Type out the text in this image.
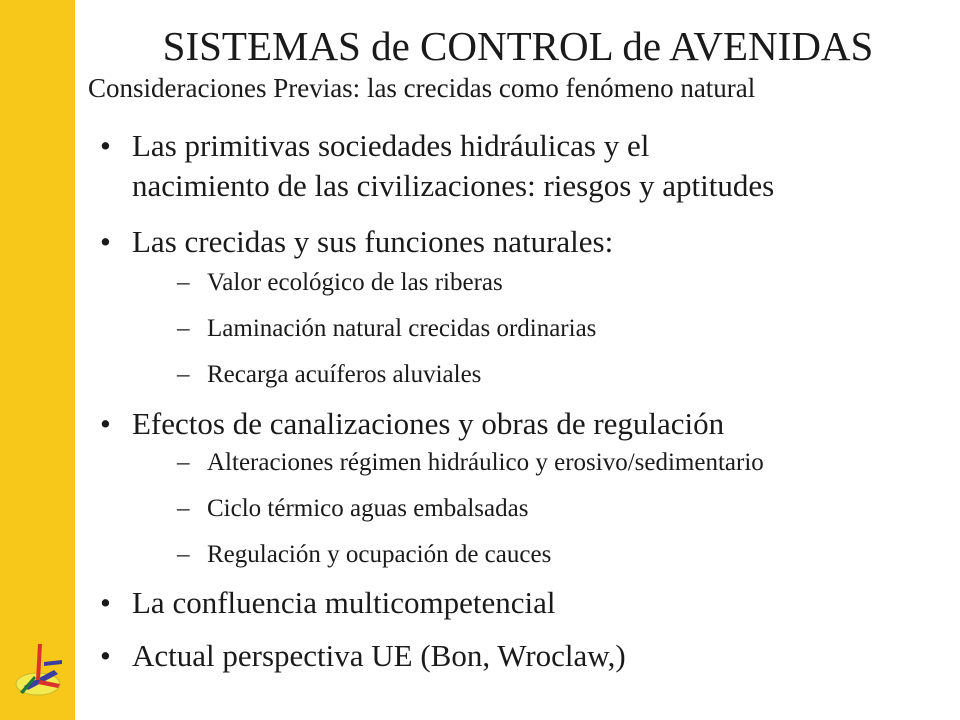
SISTEMAS de CONTROL de AVENIDAS

Consideraciones Previas: las crecidas como fenómeno natural

• Las primitivas sociedades hidráulicas y el
nacimiento de las civilizaciones: riesgos y aptitudes
• Las crecidas y sus funciones naturales:
– Valor ecológico de las riberas
– Laminación natural crecidas ordinarias
– Recarga acuíferos aluviales
• Efectos de canalizaciones y obras de regulación
– Alteraciones régimen hidráulico y erosivo/sedimentario
– Ciclo térmico aguas embalsadas
– Regulación y ocupación de cauces
• La confluencia multicompetencial
• Actual perspectiva UE (Bon, Wroclaw,)
